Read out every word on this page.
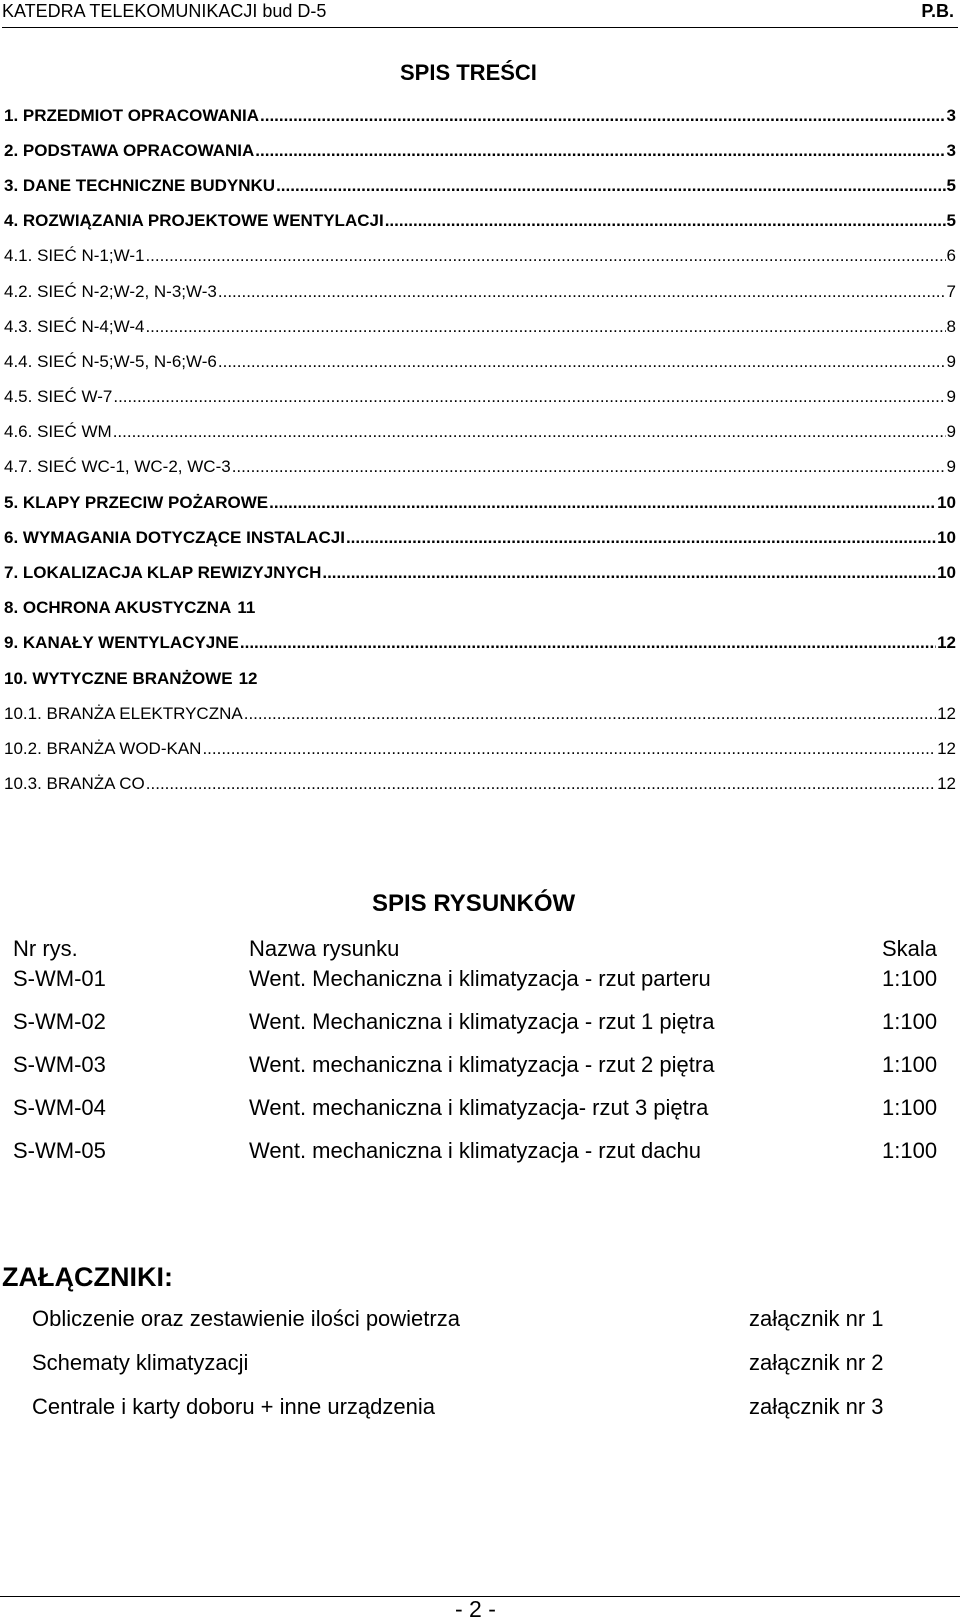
KATEDRA TELEKOMUNIKACJI bud D-5	P.B.
SPIS TREŚCI
1. PRZEDMIOT OPRACOWANIA .....	3
2. PODSTAWA OPRACOWANIA .....	3
3. DANE TECHNICZNE BUDYNKU .....	5
4. ROZWIĄZANIA PROJEKTOWE WENTYLACJI .....	5
4.1. SIEĆ N-1;W-1 .....	6
4.2. SIEĆ N-2;W-2, N-3;W-3 .....	7
4.3. SIEĆ N-4;W-4 .....	8
4.4. SIEĆ N-5;W-5, N-6;W-6 .....	9
4.5. SIEĆ W-7 .....	9
4.6. SIEĆ WM .....	9
4.7. SIEĆ WC-1, WC-2, WC-3 .....	9
5. KLAPY PRZECIW POŻAROWE .....	10
6. WYMAGANIA DOTYCZĄCE INSTALACJI .....	10
7. LOKALIZACJA KLAP REWIZYJNYCH .....	10
8. OCHRONA AKUSTYCZNA 11
9. KANAŁY WENTYLACYJNE .....	12
10. WYTYCZNE BRANŻOWE 12
10.1. BRANŻA ELEKTRYCZNA .....	12
10.2. BRANŻA WOD-KAN .....	12
10.3. BRANŻA CO .....	12
SPIS RYSUNKÓW
Nr rys.	Nazwa rysunku	Skala
S-WM-01	Went. Mechaniczna i klimatyzacja - rzut parteru	1:100
S-WM-02	Went. Mechaniczna i klimatyzacja - rzut 1 piętra	1:100
S-WM-03	Went. mechaniczna i klimatyzacja - rzut 2 piętra	1:100
S-WM-04	Went. mechaniczna i klimatyzacja- rzut 3 piętra	1:100
S-WM-05	Went. mechaniczna i klimatyzacja - rzut dachu	1:100
ZAŁĄCZNIKI:
Obliczenie oraz zestawienie ilości powietrza	załącznik nr 1
Schematy klimatyzacji	załącznik nr 2
Centrale i karty doboru + inne urządzenia	załącznik nr 3
- 2 -
